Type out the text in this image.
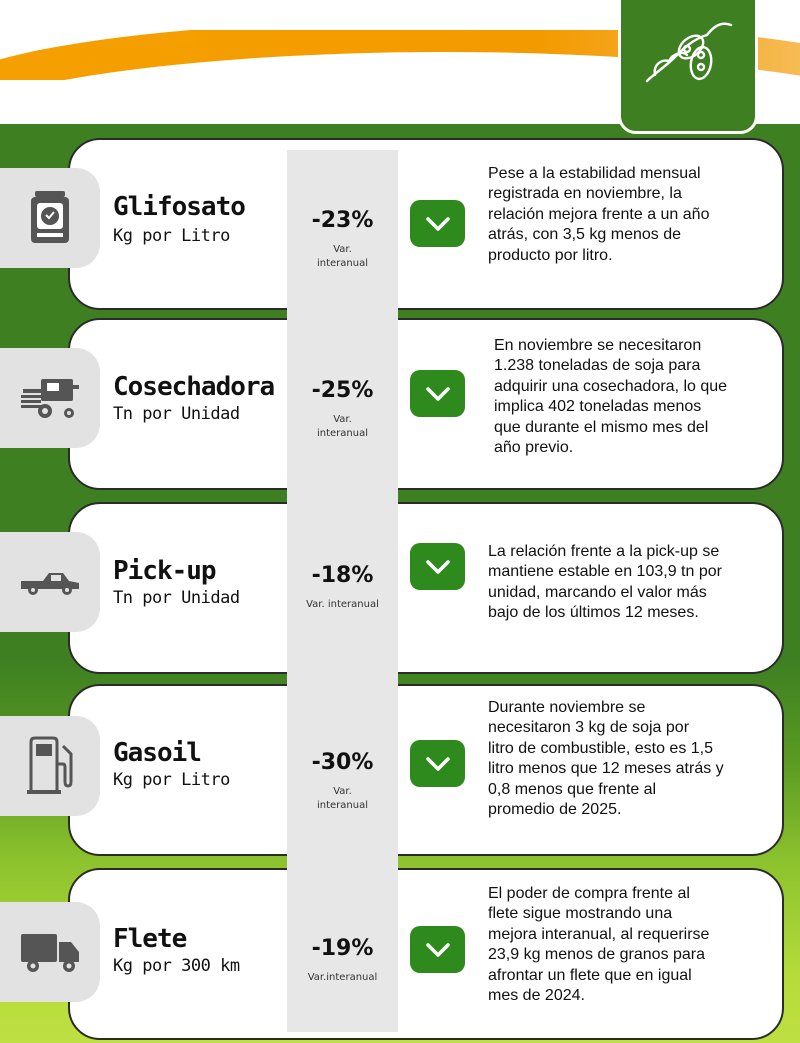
Glifosato
Kg por Litro
-23%
Var.
interanual
Pese a la estabilidad mensual
registrada en noviembre, la
relación mejora frente a un año
atrás, con 3,5 kg menos de
producto por litro.
Cosechadora
Tn por Unidad
-25%
Var.
interanual
En noviembre se necesitaron
1.238 toneladas de soja para
adquirir una cosechadora, lo que
implica 402 toneladas menos
que durante el mismo mes del
año previo.
Pick-up
Tn por Unidad
-18%
Var. interanual
La relación frente a la pick-up se
mantiene estable en 103,9 tn por
unidad, marcando el valor más
bajo de los últimos 12 meses.
Gasoil
Kg por Litro
-30%
Var.
interanual
Durante noviembre se
necesitaron 3 kg de soja por
litro de combustible, esto es 1,5
litro menos que 12 meses atrás y
0,8 menos que frente al
promedio de 2025.
Flete
Kg por 300 km
-19%
Var.interanual
El poder de compra frente al
flete sigue mostrando una
mejora interanual, al requerirse
23,9 kg menos de granos para
afrontar un flete que en igual
mes de 2024.
